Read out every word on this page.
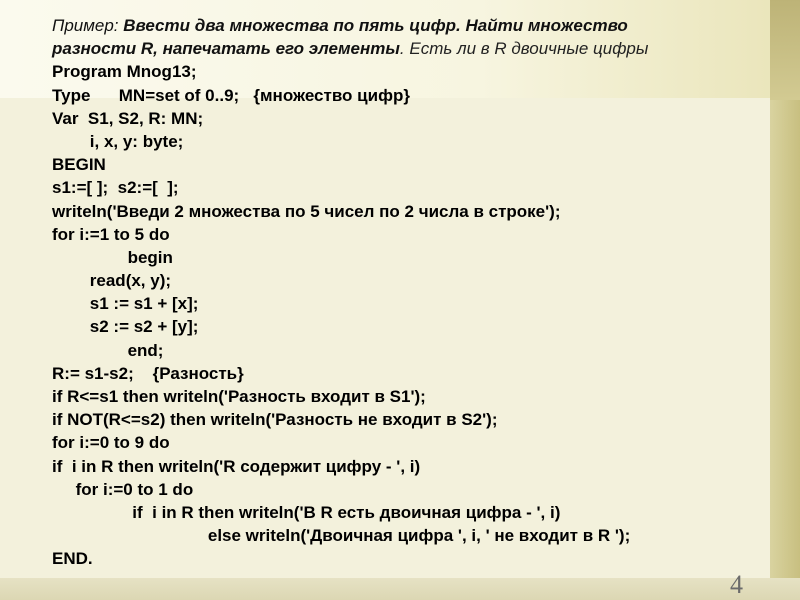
Пример: Ввести два множества по пять цифр. Найти множество
разности R, напечатать его элементы. Есть ли в R двоичные цифры
Program Mnog13;
Type      MN=set of 0..9;   {множество цифр}
Var  S1, S2, R: MN;
i, x, y: byte;
BEGIN
s1:=[ ];  s2:=[  ];
writeln('Введи 2 множества по 5 чисел по 2 числа в строке');
for i:=1 to 5 do
begin
read(x, y);
s1 := s1 + [x];
s2 := s2 + [y];
end;
R:= s1-s2;    {Разность}
if R<=s1 then writeln('Разность входит в S1');
if NOT(R<=s2) then writeln('Разность не входит в S2');
for i:=0 to 9 do
if  i in R then writeln('R содержит цифру - ', i)
for i:=0 to 1 do
if  i in R then writeln('В R есть двоичная цифра - ', i)
else writeln('Двоичная цифра ', i, ' не входит в R ');
END.
4
